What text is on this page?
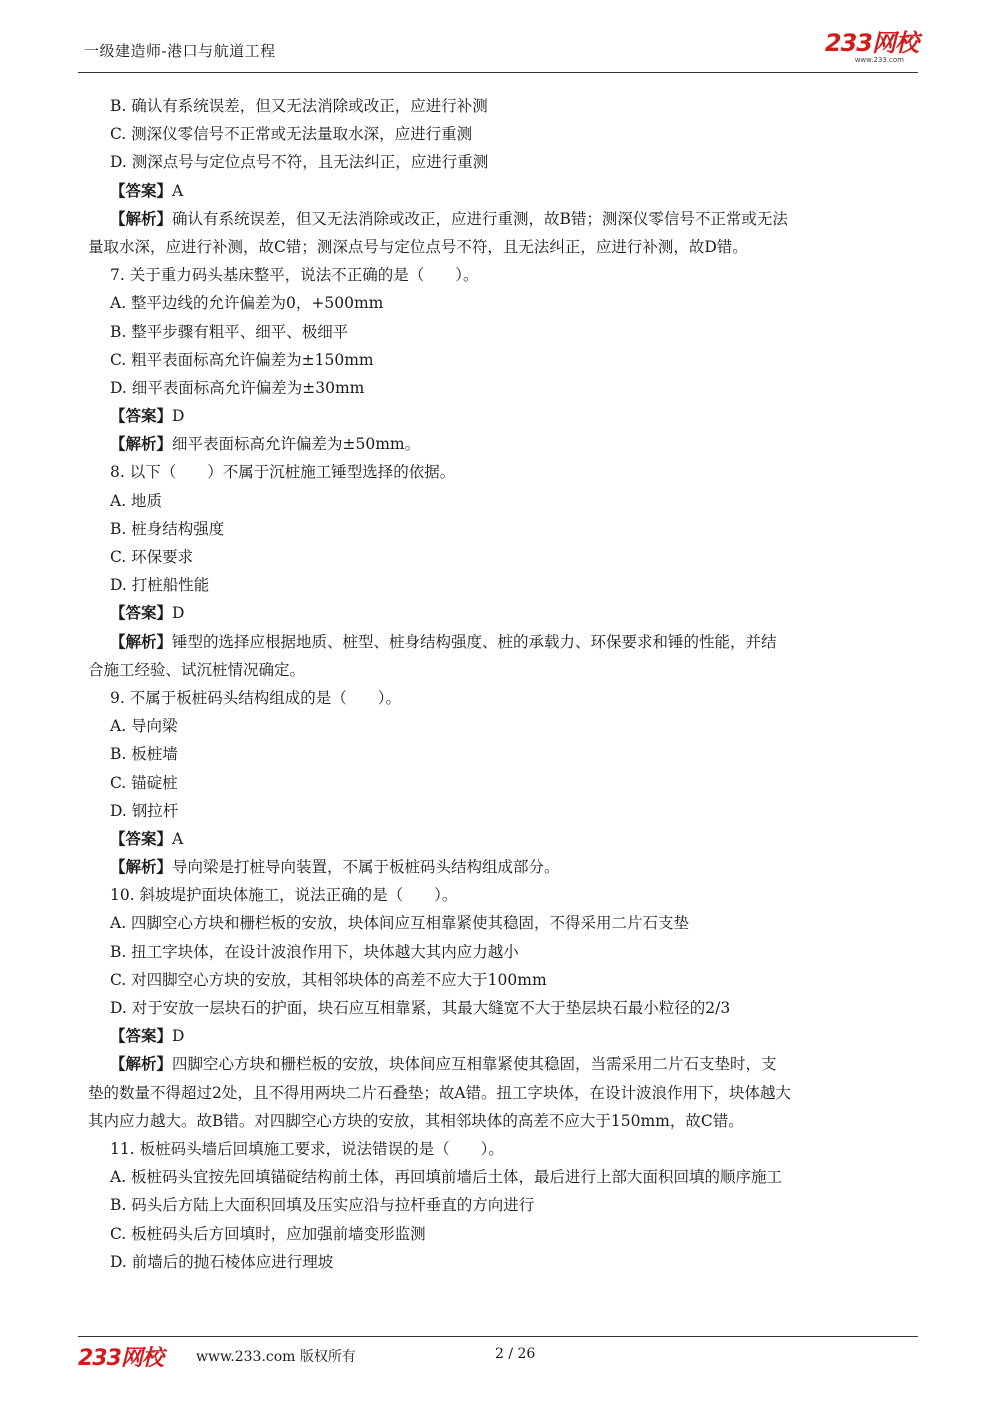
一级建造师-港口与航道工程	233网校
www.233.com
B. 确认有系统误差，但又无法消除或改正，应进行补测
C. 测深仪零信号不正常或无法量取水深，应进行重测
D. 测深点号与定位点号不符，且无法纠正，应进行重测
【答案】A
【解析】确认有系统误差，但又无法消除或改正，应进行重测，故B错；测深仪零信号不正常或无法
量取水深，应进行补测，故C错；测深点号与定位点号不符，且无法纠正，应进行补测，故D错。
7. 关于重力码头基床整平，说法不正确的是（　　）。
A. 整平边线的允许偏差为0，+500mm
B. 整平步骤有粗平、细平、极细平
C. 粗平表面标高允许偏差为±150mm
D. 细平表面标高允许偏差为±30mm
【答案】D
【解析】细平表面标高允许偏差为±50mm。
8. 以下（　　）不属于沉桩施工锤型选择的依据。
A. 地质
B. 桩身结构强度
C. 环保要求
D. 打桩船性能
【答案】D
【解析】锤型的选择应根据地质、桩型、桩身结构强度、桩的承载力、环保要求和锤的性能，并结
合施工经验、试沉桩情况确定。
9. 不属于板桩码头结构组成的是（　　）。
A. 导向梁
B. 板桩墙
C. 锚碇桩
D. 钢拉杆
【答案】A
【解析】导向梁是打桩导向装置，不属于板桩码头结构组成部分。
10. 斜坡堤护面块体施工，说法正确的是（　　）。
A. 四脚空心方块和栅栏板的安放，块体间应互相靠紧使其稳固，不得采用二片石支垫
B. 扭工字块体，在设计波浪作用下，块体越大其内应力越小
C. 对四脚空心方块的安放，其相邻块体的高差不应大于100mm
D. 对于安放一层块石的护面，块石应互相靠紧，其最大缝宽不大于垫层块石最小粒径的2/3
【答案】D
【解析】四脚空心方块和栅栏板的安放，块体间应互相靠紧使其稳固，当需采用二片石支垫时，支
垫的数量不得超过2处，且不得用两块二片石叠垫；故A错。扭工字块体，在设计波浪作用下，块体越大
其内应力越大。故B错。对四脚空心方块的安放，其相邻块体的高差不应大于150mm，故C错。
11. 板桩码头墙后回填施工要求，说法错误的是（　　）。
A. 板桩码头宜按先回填锚碇结构前土体，再回填前墙后土体，最后进行上部大面积回填的顺序施工
B. 码头后方陆上大面积回填及压实应沿与拉杆垂直的方向进行
C. 板桩码头后方回填时，应加强前墙变形监测
D. 前墙后的抛石棱体应进行理坡
233网校 www.233.com 版权所有	2 / 26
